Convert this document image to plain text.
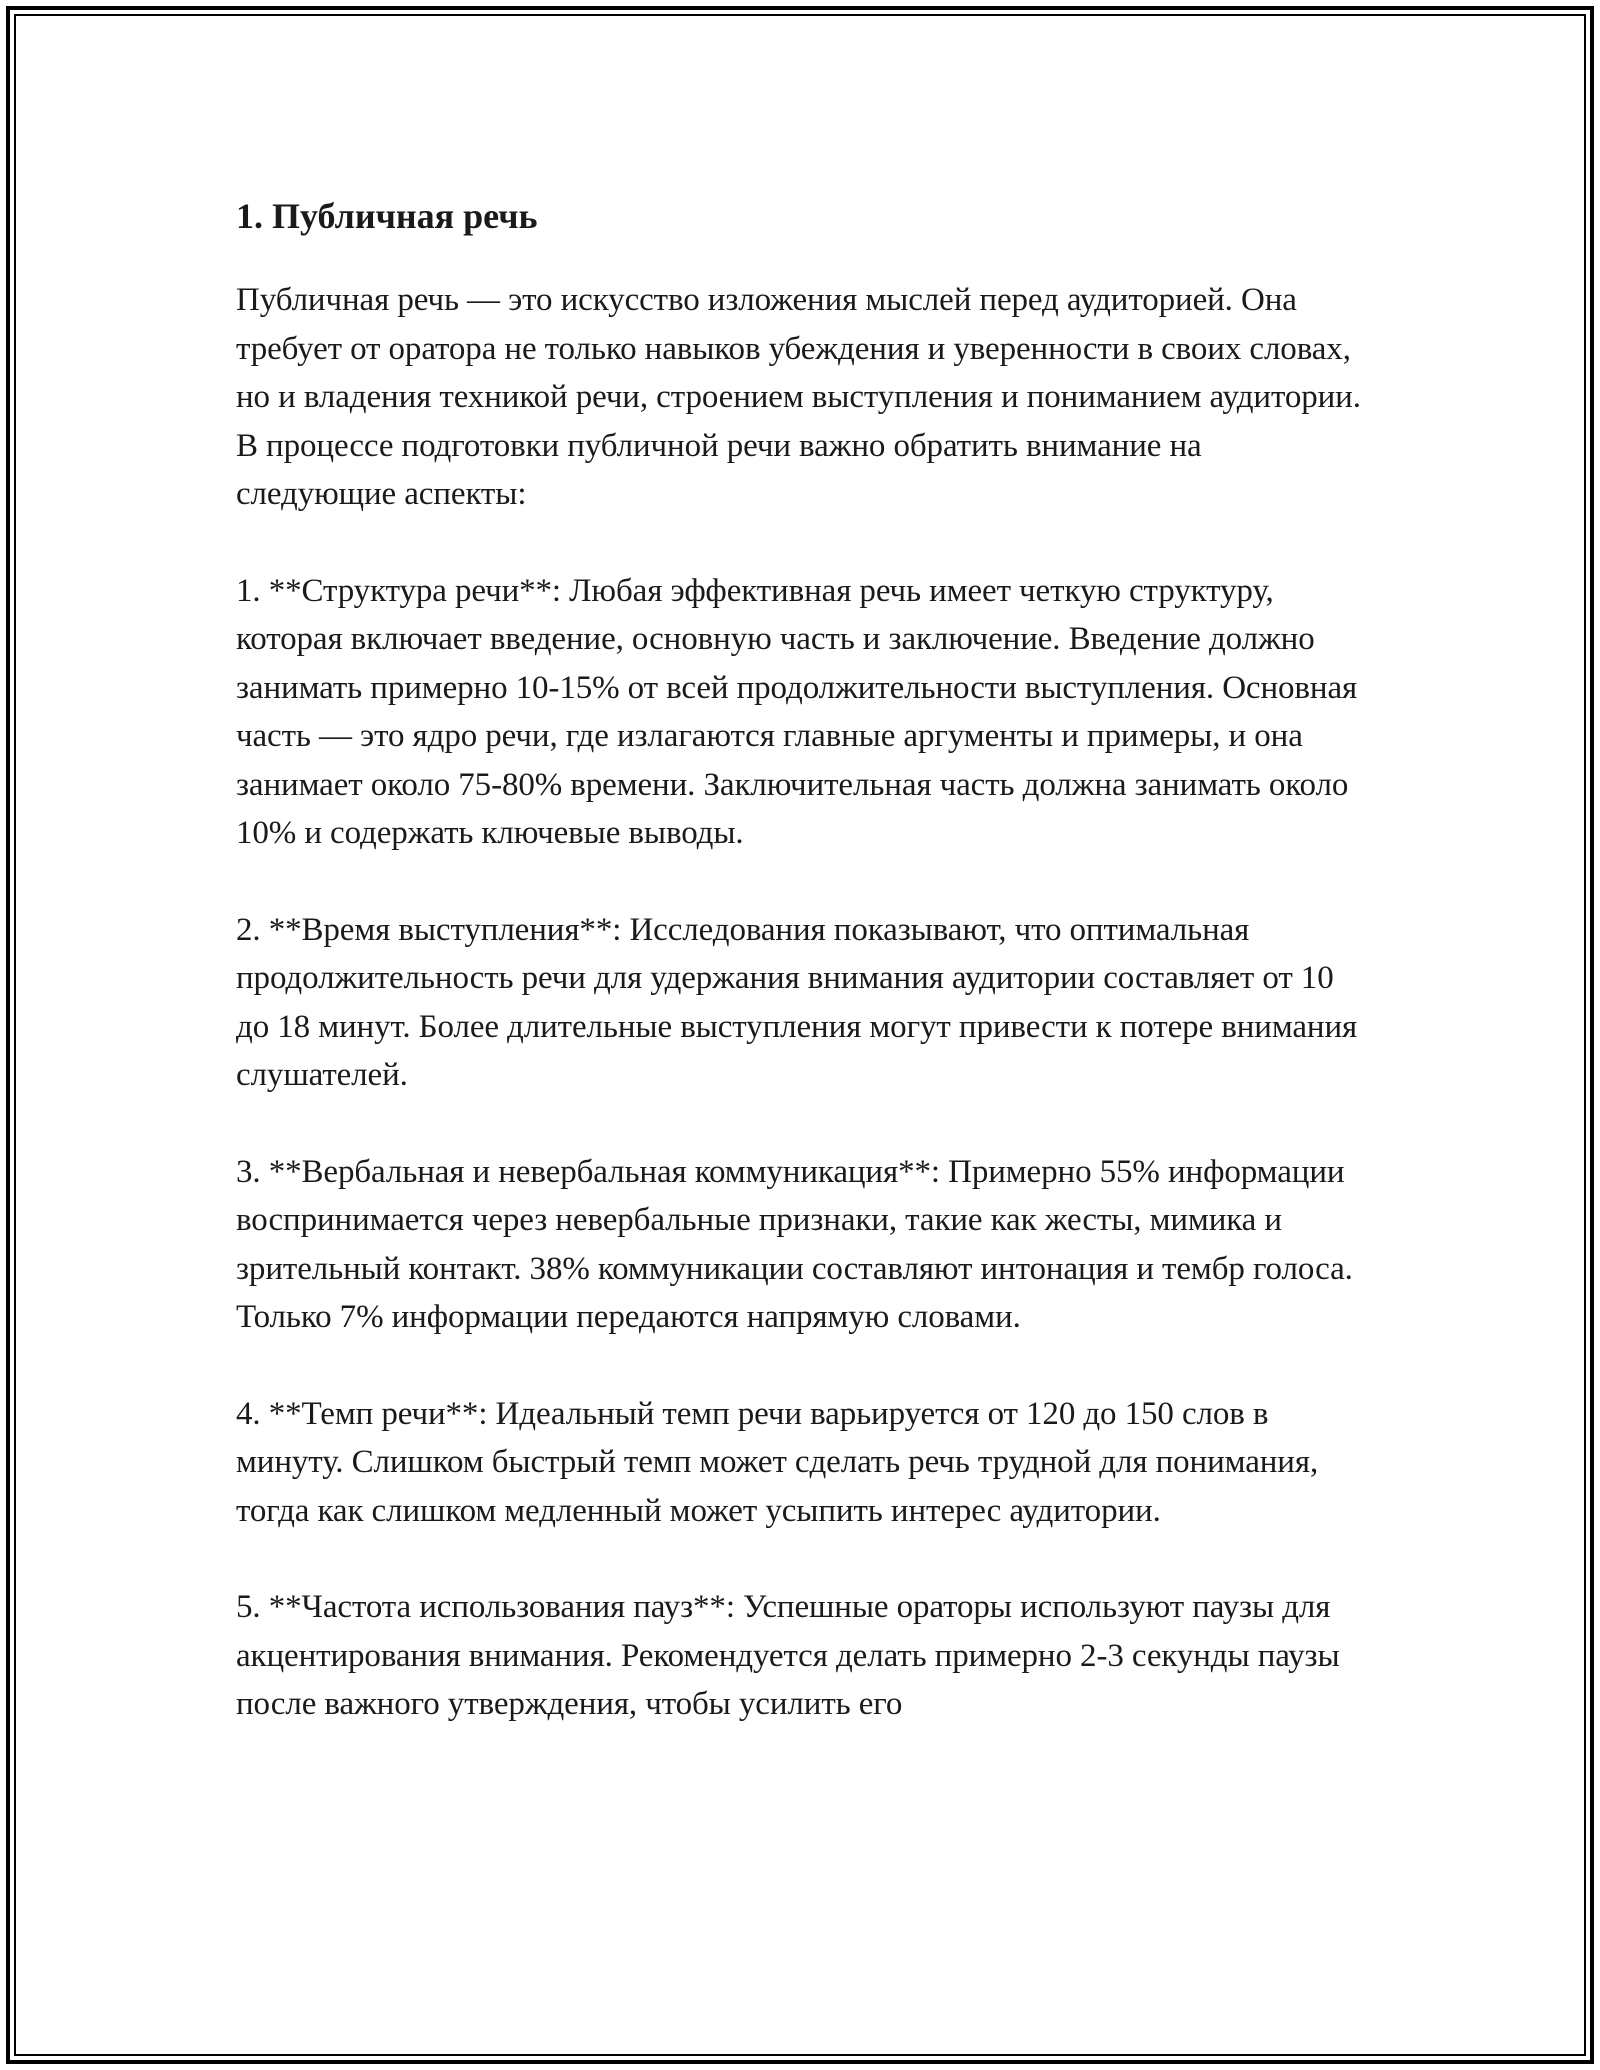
1. Публичная речь

Публичная речь — это искусство изложения мыслей перед аудиторией. Она требует от оратора не только навыков убеждения и уверенности в своих словах, но и владения техникой речи, строением выступления и пониманием аудитории. В процессе подготовки публичной речи важно обратить внимание на следующие аспекты:

1. **Структура речи**: Любая эффективная речь имеет четкую структуру, которая включает введение, основную часть и заключение. Введение должно занимать примерно 10-15% от всей продолжительности выступления. Основная часть — это ядро речи, где излагаются главные аргументы и примеры, и она занимает около 75-80% времени. Заключительная часть должна занимать около 10% и содержать ключевые выводы.

2. **Время выступления**: Исследования показывают, что оптимальная продолжительность речи для удержания внимания аудитории составляет от 10 до 18 минут. Более длительные выступления могут привести к потере внимания слушателей.

3. **Вербальная и невербальная коммуникация**: Примерно 55% информации воспринимается через невербальные признаки, такие как жесты, мимика и зрительный контакт. 38% коммуникации составляют интонация и тембр голоса. Только 7% информации передаются напрямую словами.

4. **Темп речи**: Идеальный темп речи варьируется от 120 до 150 слов в минуту. Слишком быстрый темп может сделать речь трудной для понимания, тогда как слишком медленный может усыпить интерес аудитории.

5. **Частота использования пауз**: Успешные ораторы используют паузы для акцентирования внимания. Рекомендуется делать примерно 2-3 секунды паузы после важного утверждения, чтобы усилить его
